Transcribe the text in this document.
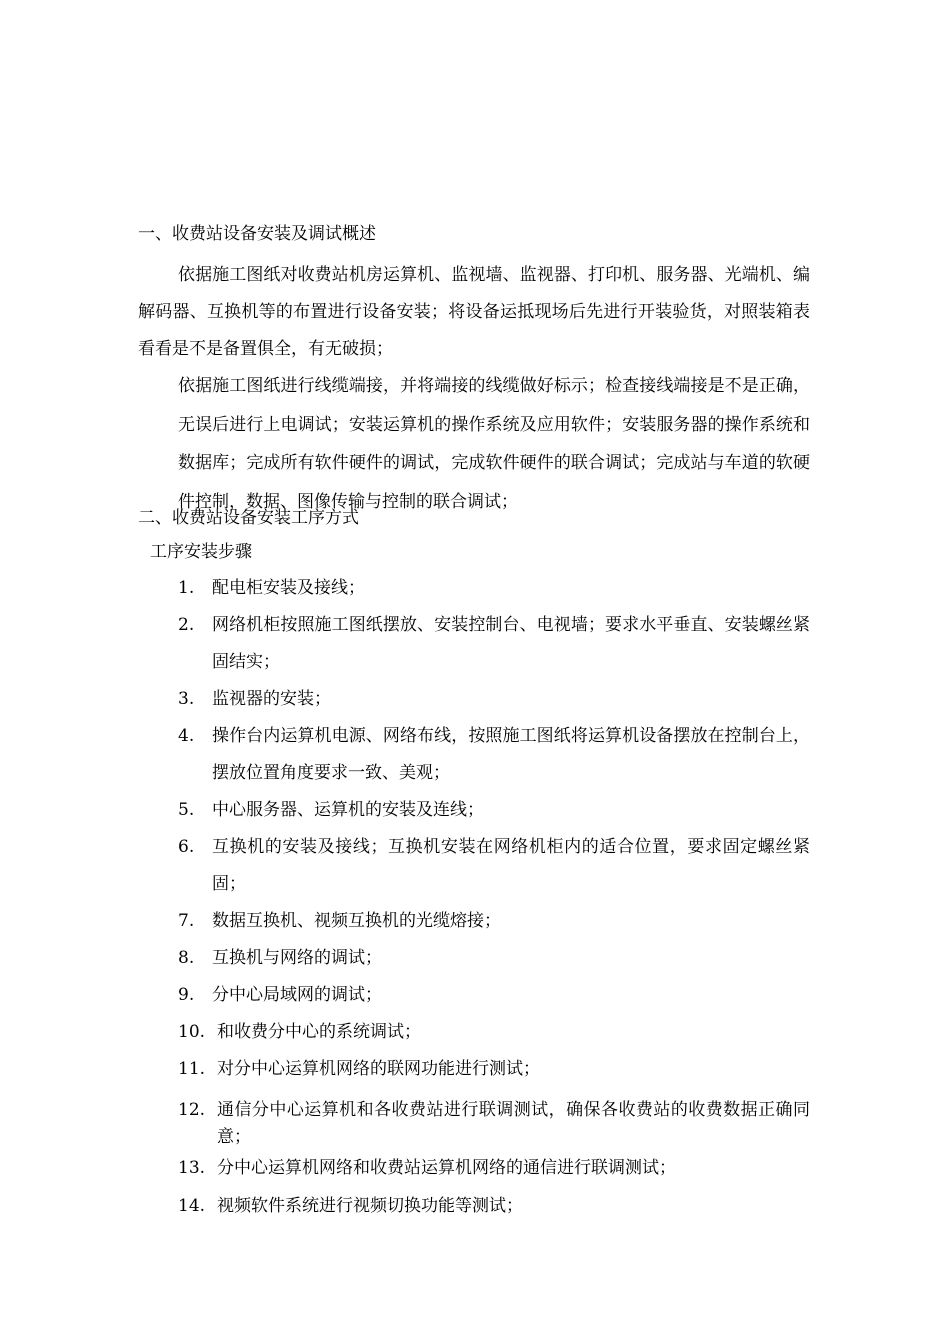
一、收费站设备安装及调试概述
依据施工图纸对收费站机房运算机、监视墙、监视器、打印机、服务器、光端机、编解码器、互换机等的布置进行设备安装；将设备运抵现场后先进行开装验货，对照装箱表看看是不是备置俱全，有无破损；
依据施工图纸进行线缆端接，并将端接的线缆做好标示；检查接线端接是不是正确，无误后进行上电调试；安装运算机的操作系统及应用软件；安装服务器的操作系统和数据库；完成所有软件硬件的调试，完成软件硬件的联合调试；完成站与车道的软硬件控制，数据、图像传输与控制的联合调试；
二、收费站设备安装工序方式
工序安装步骤
1.	配电柜安装及接线；
2.	网络机柜按照施工图纸摆放、安装控制台、电视墙；要求水平垂直、安装螺丝紧固结实；
3.	监视器的安装；
4.	操作台内运算机电源、网络布线，按照施工图纸将运算机设备摆放在控制台上，摆放位置角度要求一致、美观；
5.	中心服务器、运算机的安装及连线；
6.	互换机的安装及接线；互换机安装在网络机柜内的适合位置，要求固定螺丝紧固；
7.	数据互换机、视频互换机的光缆熔接；
8.	互换机与网络的调试；
9.	分中心局域网的调试；
10. 和收费分中心的系统调试；
11. 对分中心运算机网络的联网功能进行测试；
12. 通信分中心运算机和各收费站进行联调测试，确保各收费站的收费数据正确同意；
13. 分中心运算机网络和收费站运算机网络的通信进行联调测试；
14. 视频软件系统进行视频切换功能等测试；
